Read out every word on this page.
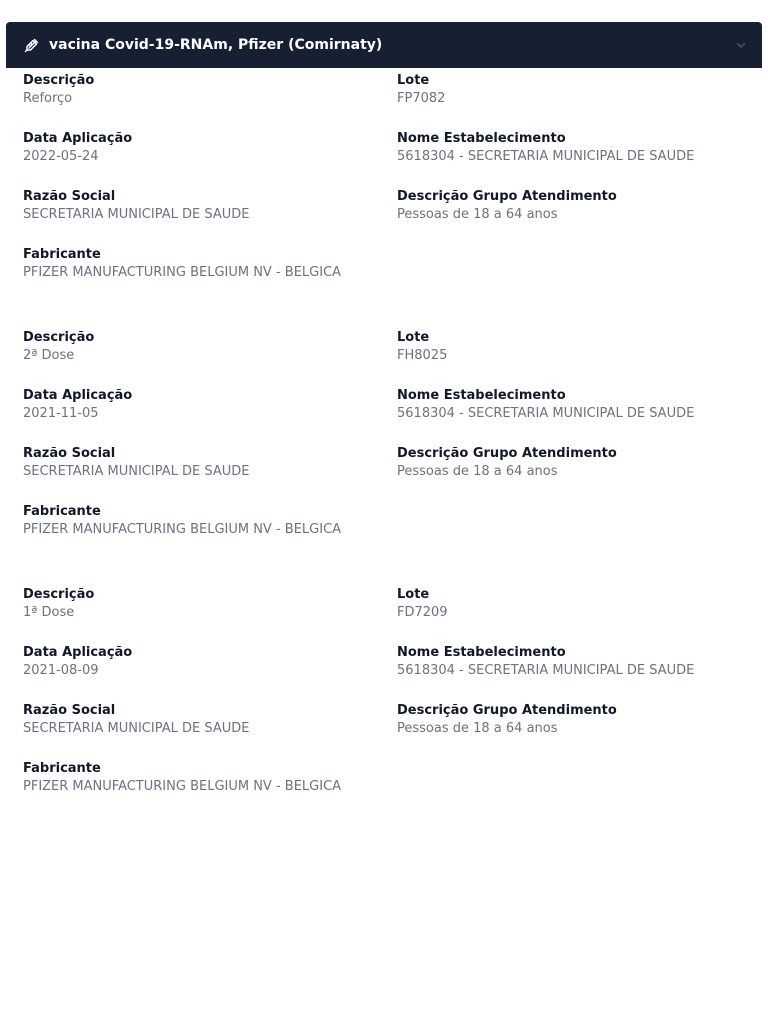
vacina Covid-19-RNAm, Pfizer (Comirnaty)
Descrição
Reforço
Data Aplicação
2022-05-24
Razão Social
SECRETARIA MUNICIPAL DE SAUDE
Fabricante
PFIZER MANUFACTURING BELGIUM NV - BELGICA
Lote
FP7082
Nome Estabelecimento
5618304 - SECRETARIA MUNICIPAL DE SAUDE
Descrição Grupo Atendimento
Pessoas de 18 a 64 anos
Descrição
2ª Dose
Data Aplicação
2021-11-05
Razão Social
SECRETARIA MUNICIPAL DE SAUDE
Fabricante
PFIZER MANUFACTURING BELGIUM NV - BELGICA
Lote
FH8025
Nome Estabelecimento
5618304 - SECRETARIA MUNICIPAL DE SAUDE
Descrição Grupo Atendimento
Pessoas de 18 a 64 anos
Descrição
1ª Dose
Data Aplicação
2021-08-09
Razão Social
SECRETARIA MUNICIPAL DE SAUDE
Fabricante
PFIZER MANUFACTURING BELGIUM NV - BELGICA
Lote
FD7209
Nome Estabelecimento
5618304 - SECRETARIA MUNICIPAL DE SAUDE
Descrição Grupo Atendimento
Pessoas de 18 a 64 anos
